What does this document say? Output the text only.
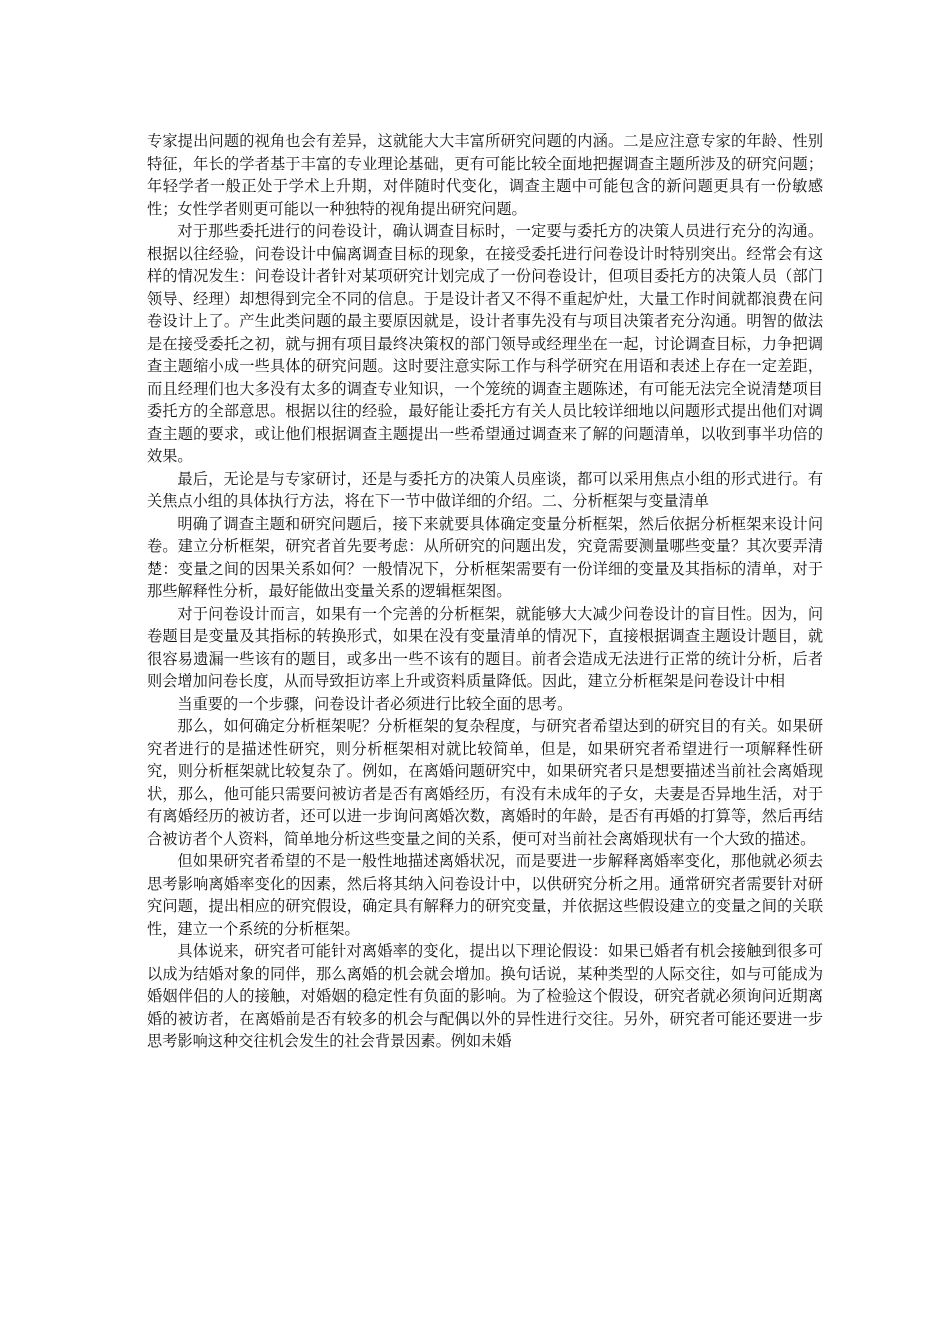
专家提出问题的视角也会有差异，这就能大大丰富所研究问题的内涵。二是应注意专家的年龄、性别特征，年长的学者基于丰富的专业理论基础，更有可能比较全面地把握调查主题所涉及的研究问题；年轻学者一般正处于学术上升期，对伴随时代变化，调查主题中可能包含的新问题更具有一份敏感性；女性学者则更可能以一种独特的视角提出研究问题。

对于那些委托进行的问卷设计，确认调查目标时，一定要与委托方的决策人员进行充分的沟通。根据以往经验，问卷设计中偏离调查目标的现象，在接受委托进行问卷设计时特别突出。经常会有这样的情况发生：问卷设计者针对某项研究计划完成了一份问卷设计，但项目委托方的决策人员（部门领导、经理）却想得到完全不同的信息。于是设计者又不得不重起炉灶，大量工作时间就都浪费在问卷设计上了。产生此类问题的最主要原因就是，设计者事先没有与项目决策者充分沟通。明智的做法是在接受委托之初，就与拥有项目最终决策权的部门领导或经理坐在一起，讨论调查目标，力争把调查主题缩小成一些具体的研究问题。这时要注意实际工作与科学研究在用语和表述上存在一定差距，而且经理们也大多没有太多的调查专业知识，一个笼统的调查主题陈述，有可能无法完全说清楚项目委托方的全部意思。根据以往的经验，最好能让委托方有关人员比较详细地以问题形式提出他们对调查主题的要求，或让他们根据调查主题提出一些希望通过调查来了解的问题清单，以收到事半功倍的效果。

最后，无论是与专家研讨，还是与委托方的决策人员座谈，都可以采用焦点小组的形式进行。有关焦点小组的具体执行方法，将在下一节中做详细的介绍。二、分析框架与变量清单

明确了调查主题和研究问题后，接下来就要具体确定变量分析框架，然后依据分析框架来设计问卷。建立分析框架，研究者首先要考虑：从所研究的问题出发，究竟需要测量哪些变量？其次要弄清楚：变量之间的因果关系如何？一般情况下，分析框架需要有一份详细的变量及其指标的清单，对于那些解释性分析，最好能做出变量关系的逻辑框架图。

对于问卷设计而言，如果有一个完善的分析框架，就能够大大减少问卷设计的盲目性。因为，问卷题目是变量及其指标的转换形式，如果在没有变量清单的情况下，直接根据调查主题设计题目，就很容易遗漏一些该有的题目，或多出一些不该有的题目。前者会造成无法进行正常的统计分析，后者则会增加问卷长度，从而导致拒访率上升或资料质量降低。因此，建立分析框架是问卷设计中相

当重要的一个步骤，问卷设计者必须进行比较全面的思考。

那么，如何确定分析框架呢？分析框架的复杂程度，与研究者希望达到的研究目的有关。如果研究者进行的是描述性研究，则分析框架相对就比较简单，但是，如果研究者希望进行一项解释性研究，则分析框架就比较复杂了。例如，在离婚问题研究中，如果研究者只是想要描述当前社会离婚现状，那么，他可能只需要问被访者是否有离婚经历，有没有未成年的子女，夫妻是否异地生活，对于有离婚经历的被访者，还可以进一步询问离婚次数，离婚时的年龄，是否有再婚的打算等，然后再结合被访者个人资料，简单地分析这些变量之间的关系，便可对当前社会离婚现状有一个大致的描述。

但如果研究者希望的不是一般性地描述离婚状况，而是要进一步解释离婚率变化，那他就必须去思考影响离婚率变化的因素，然后将其纳入问卷设计中，以供研究分析之用。通常研究者需要针对研究问题，提出相应的研究假设，确定具有解释力的研究变量，并依据这些假设建立的变量之间的关联性，建立一个系统的分析框架。

具体说来，研究者可能针对离婚率的变化，提出以下理论假设：如果已婚者有机会接触到很多可以成为结婚对象的同伴，那么离婚的机会就会增加。换句话说，某种类型的人际交往，如与可能成为婚姻伴侣的人的接触，对婚姻的稳定性有负面的影响。为了检验这个假设，研究者就必须询问近期离婚的被访者，在离婚前是否有较多的机会与配偶以外的异性进行交往。另外，研究者可能还要进一步思考影响这种交往机会发生的社会背景因素。例如未婚
